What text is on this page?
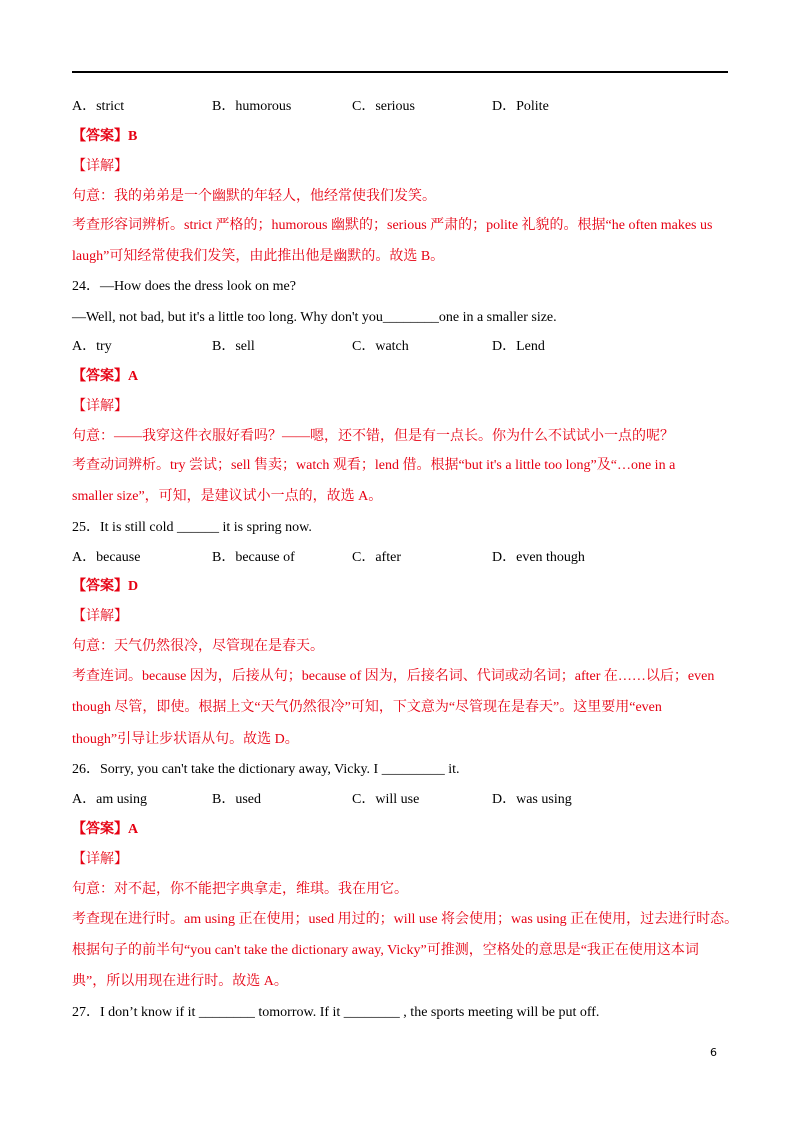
A．strict	B．humorous	C．serious	D．Polite
【答案】B
【详解】
句意：我的弟弟是一个幽默的年轻人，他经常使我们发笑。
考查形容词辨析。strict 严格的；humorous 幽默的；serious 严肃的；polite 礼貌的。根据“he often makes us
laugh”可知经常使我们发笑，由此推出他是幽默的。故选 B。
24．—How does the dress look on me?
—Well, not bad, but it's a little too long. Why don't you________one in a smaller size.
A．try	B．sell	C．watch	D．Lend
【答案】A
【详解】
句意：——我穿这件衣服好看吗？——嗯，还不错，但是有一点长。你为什么不试试小一点的呢？
考查动词辨析。try 尝试；sell 售卖；watch 观看；lend 借。根据“but it's a little too long”及“…one in a
smaller size”，可知，是建议试小一点的，故选 A。
25．It is still cold ______ it is spring now.
A．because	B．because of	C．after	D．even though
【答案】D
【详解】
句意：天气仍然很冷，尽管现在是春天。
考查连词。because 因为，后接从句；because of 因为，后接名词、代词或动名词；after 在……以后；even
though 尽管，即使。根据上文“天气仍然很冷”可知，下文意为“尽管现在是春天”。这里要用“even
though”引导让步状语从句。故选 D。
26．Sorry, you can't take the dictionary away, Vicky. I _________ it.
A．am using	B．used	C．will use	D．was using
【答案】A
【详解】
句意：对不起，你不能把字典拿走，维琪。我在用它。
考查现在进行时。am using 正在使用；used 用过的；will use 将会使用；was using 正在使用，过去进行时态。
根据句子的前半句“you can't take the dictionary away, Vicky”可推测，空格处的意思是“我正在使用这本词
典”，所以用现在进行时。故选 A。
27．I don’t know if it ________ tomorrow. If it ________ , the sports meeting will be put off.
6
